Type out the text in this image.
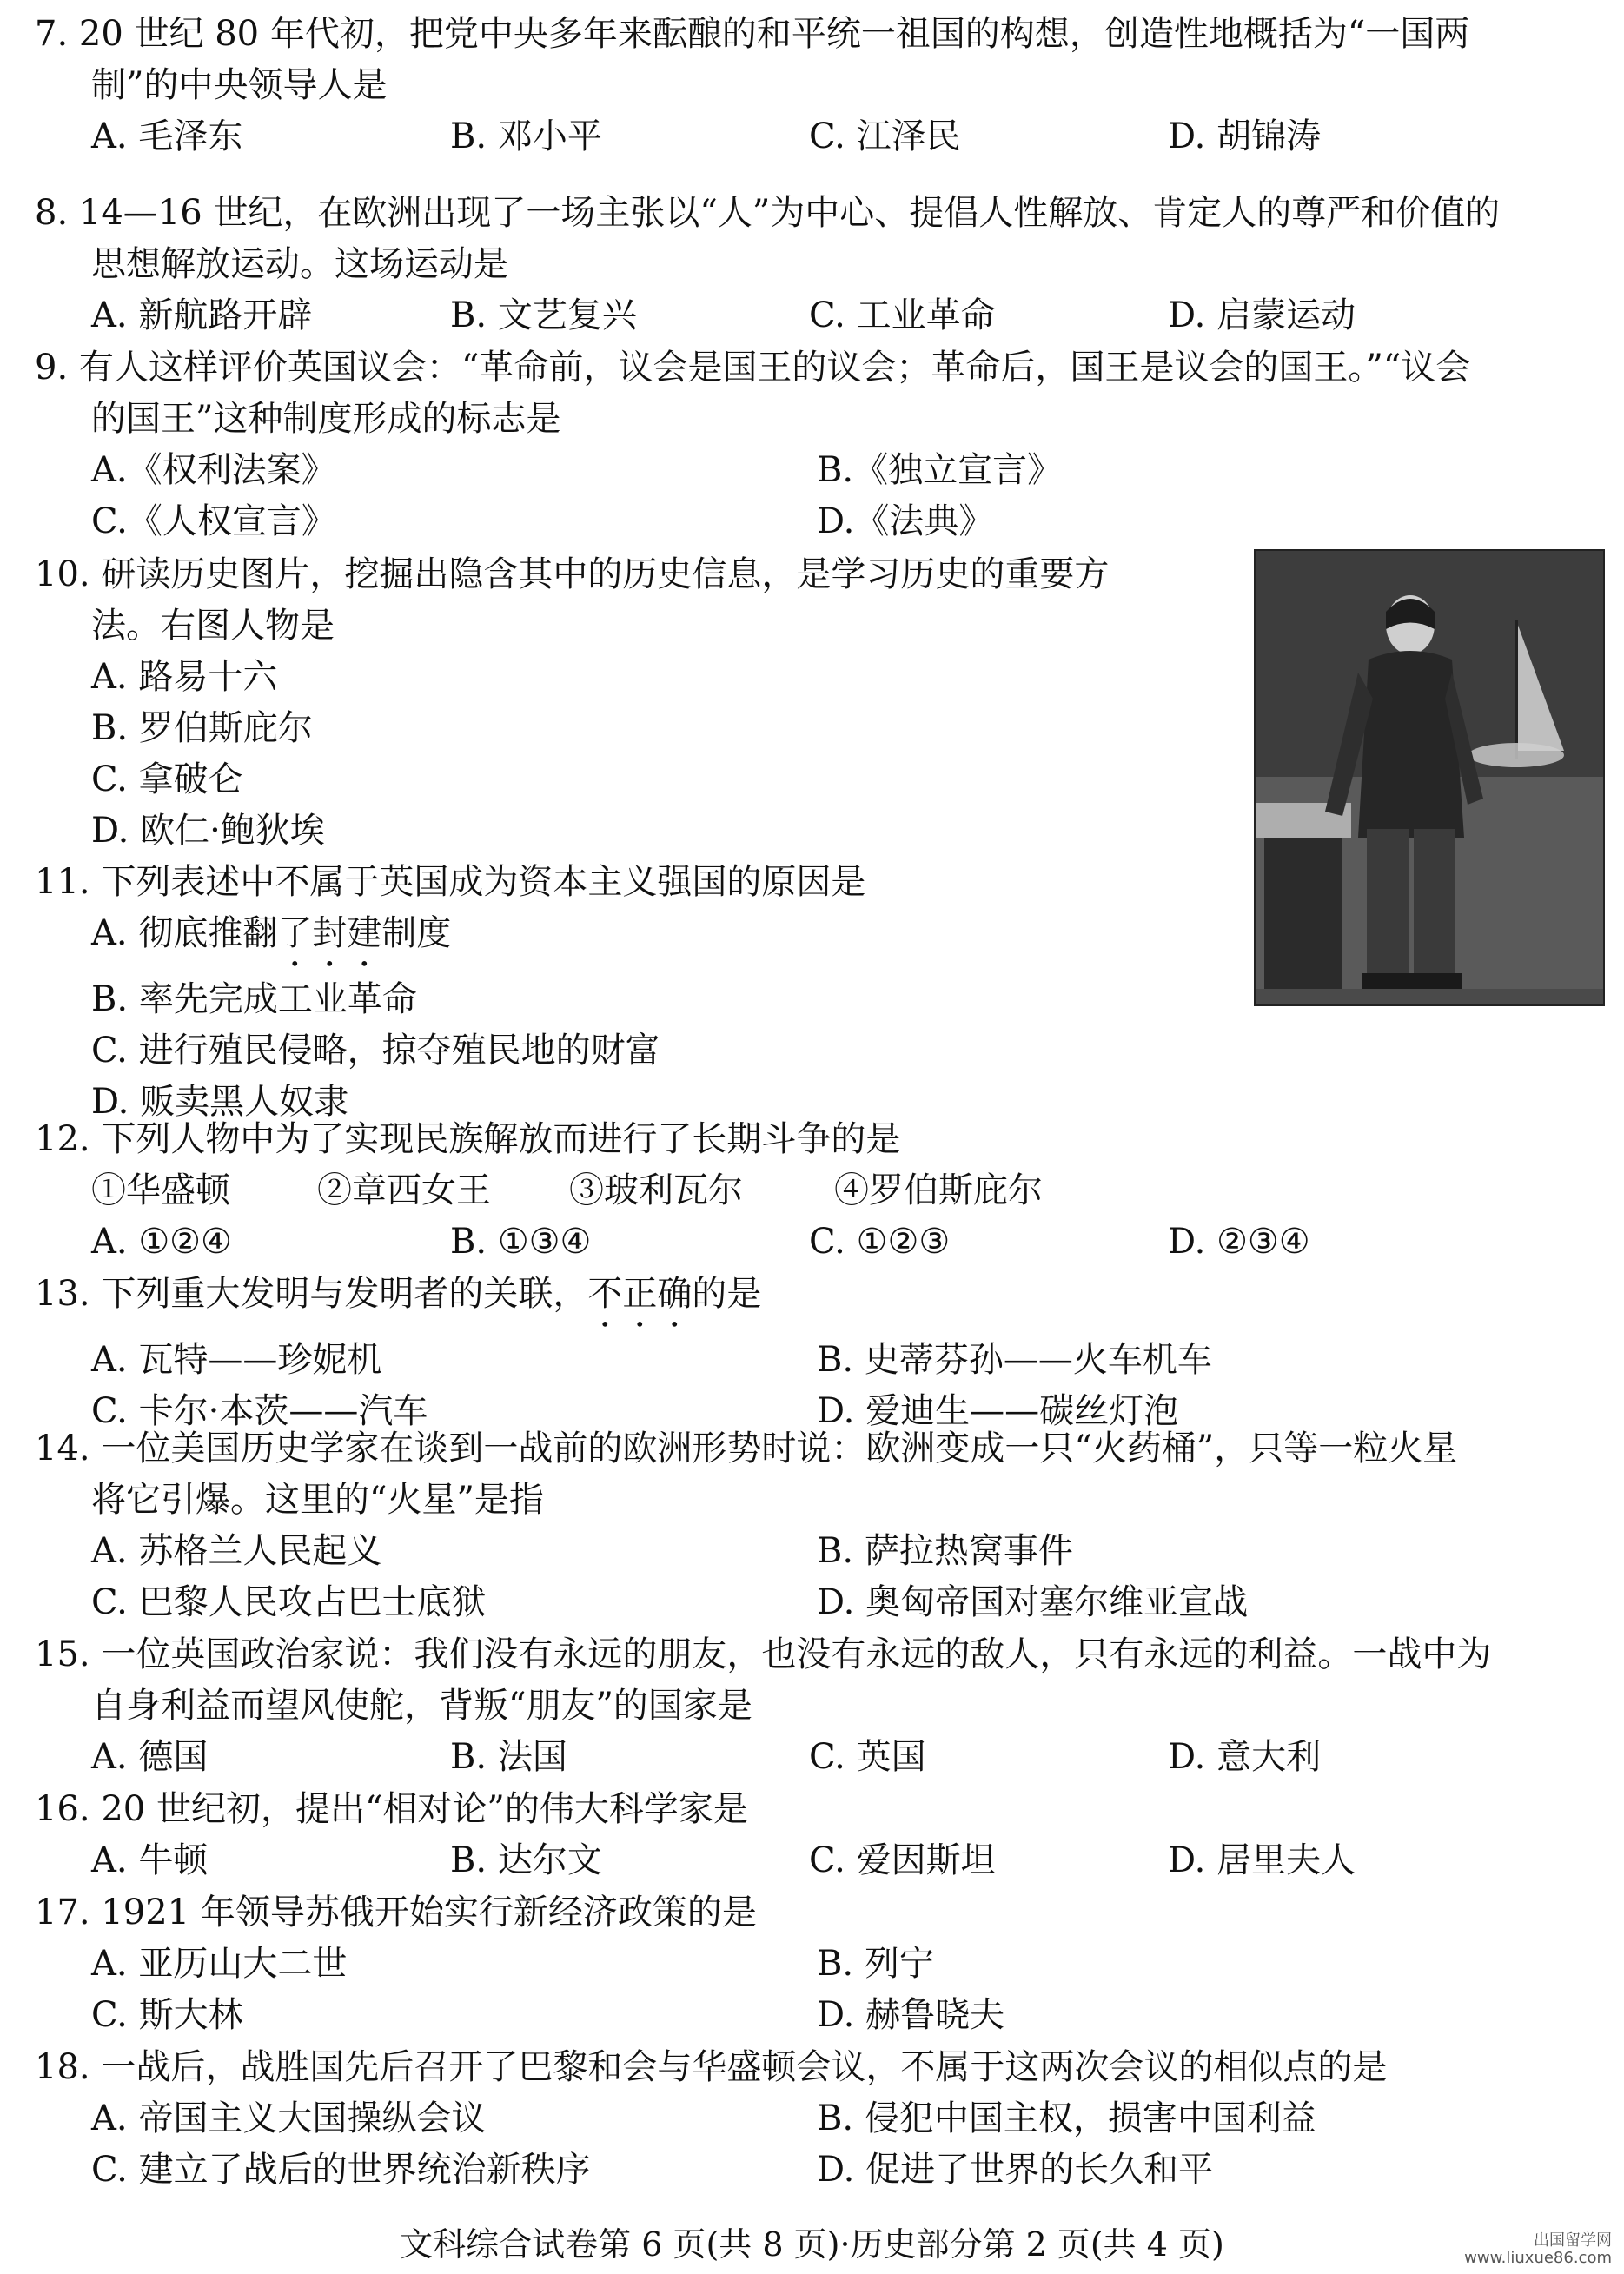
7. 20 世纪 80 年代初，把党中央多年来酝酿的和平统一祖国的构想，创造性地概括为“一国两
制”的中央领导人是
A. 毛泽东	B. 邓小平	C. 江泽民	D. 胡锦涛
8. 14—16 世纪，在欧洲出现了一场主张以“人”为中心、提倡人性解放、肯定人的尊严和价值的
思想解放运动。这场运动是
A. 新航路开辟	B. 文艺复兴	C. 工业革命	D. 启蒙运动
9. 有人这样评价英国议会：“革命前，议会是国王的议会；革命后，国王是议会的国王。”“议会
的国王”这种制度形成的标志是
A.《权利法案》	B.《独立宣言》
C.《人权宣言》	D.《法典》
10. 研读历史图片，挖掘出隐含其中的历史信息，是学习历史的重要方
法。右图人物是
A. 路易十六
B. 罗伯斯庇尔
C. 拿破仑
D. 欧仁·鲍狄埃
11. 下列表述中不属于英国成为资本主义强国的原因是
A. 彻底推翻了封建制度
B. 率先完成工业革命
C. 进行殖民侵略，掠夺殖民地的财富
D. 贩卖黑人奴隶
12. 下列人物中为了实现民族解放而进行了长期斗争的是
①华盛顿	②章西女王	③玻利瓦尔	④罗伯斯庇尔
A. ①②④	B. ①③④	C. ①②③	D. ②③④
13. 下列重大发明与发明者的关联，不正确的是
A. 瓦特——珍妮机	B. 史蒂芬孙——火车机车
C. 卡尔·本茨——汽车	D. 爱迪生——碳丝灯泡
14. 一位美国历史学家在谈到一战前的欧洲形势时说：欧洲变成一只“火药桶”，只等一粒火星
将它引爆。这里的“火星”是指
A. 苏格兰人民起义	B. 萨拉热窝事件
C. 巴黎人民攻占巴士底狱	D. 奥匈帝国对塞尔维亚宣战
15. 一位英国政治家说：我们没有永远的朋友，也没有永远的敌人，只有永远的利益。一战中为
自身利益而望风使舵，背叛“朋友”的国家是
A. 德国	B. 法国	C. 英国	D. 意大利
16. 20 世纪初，提出“相对论”的伟大科学家是
A. 牛顿	B. 达尔文	C. 爱因斯坦	D. 居里夫人
17. 1921 年领导苏俄开始实行新经济政策的是
A. 亚历山大二世	B. 列宁
C. 斯大林	D. 赫鲁晓夫
18. 一战后，战胜国先后召开了巴黎和会与华盛顿会议，不属于这两次会议的相似点的是
A. 帝国主义大国操纵会议	B. 侵犯中国主权，损害中国利益
C. 建立了战后的世界统治新秩序	D. 促进了世界的长久和平
文科综合试卷第 6 页(共 8 页)·历史部分第 2 页(共 4 页)	出国留学网
www.liuxue86.com
